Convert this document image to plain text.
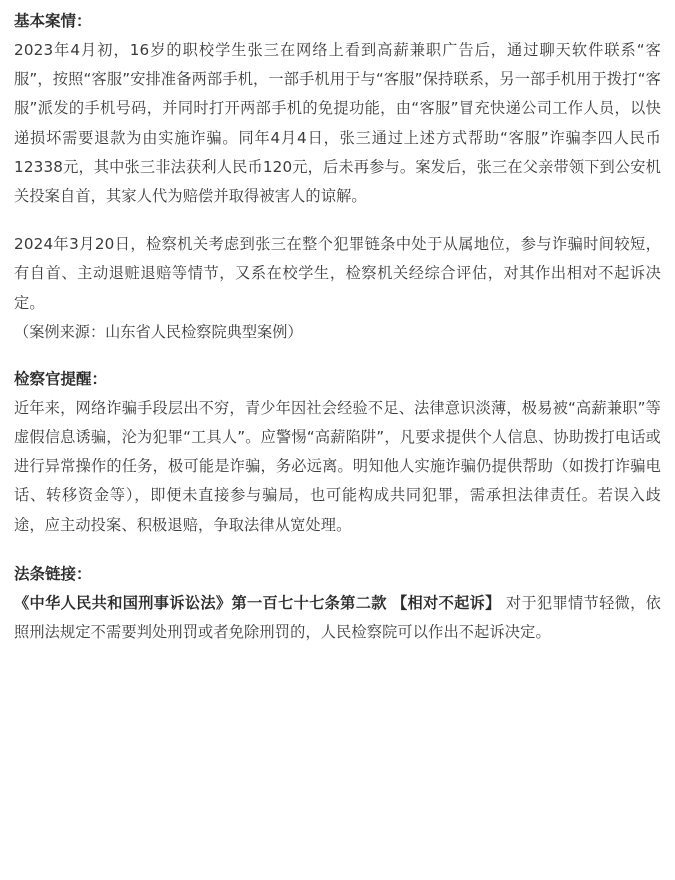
基本案情：

2023年4月初，16岁的职校学生张三在网络上看到高薪兼职广告后，通过聊天软件联系“客服”，按照“客服”安排准备两部手机，一部手机用于与“客服”保持联系，另一部手机用于拨打“客服”派发的手机号码，并同时打开两部手机的免提功能，由“客服”冒充快递公司工作人员，以快递损坏需要退款为由实施诈骗。同年4月4日，张三通过上述方式帮助“客服”诈骗李四人民币12338元，其中张三非法获利人民币120元，后未再参与。案发后，张三在父亲带领下到公安机关投案自首，其家人代为赔偿并取得被害人的谅解。

2024年3月20日，检察机关考虑到张三在整个犯罪链条中处于从属地位，参与诈骗时间较短，有自首、主动退赃退赔等情节，又系在校学生，检察机关经综合评估，对其作出相对不起诉决定。

（案例来源：山东省人民检察院典型案例）

检察官提醒：

近年来，网络诈骗手段层出不穷，青少年因社会经验不足、法律意识淡薄，极易被“高薪兼职”等虚假信息诱骗，沦为犯罪“工具人”。应警惕“高薪陷阱”，凡要求提供个人信息、协助拨打电话或进行异常操作的任务，极可能是诈骗，务必远离。明知他人实施诈骗仍提供帮助（如拨打诈骗电话、转移资金等），即便未直接参与骗局，也可能构成共同犯罪，需承担法律责任。若误入歧途，应主动投案、积极退赔，争取法律从宽处理。

法条链接：

《中华人民共和国刑事诉讼法》第一百七十七条第二款 【相对不起诉】 对于犯罪情节轻微，依照刑法规定不需要判处刑罚或者免除刑罚的，人民检察院可以作出不起诉决定。
